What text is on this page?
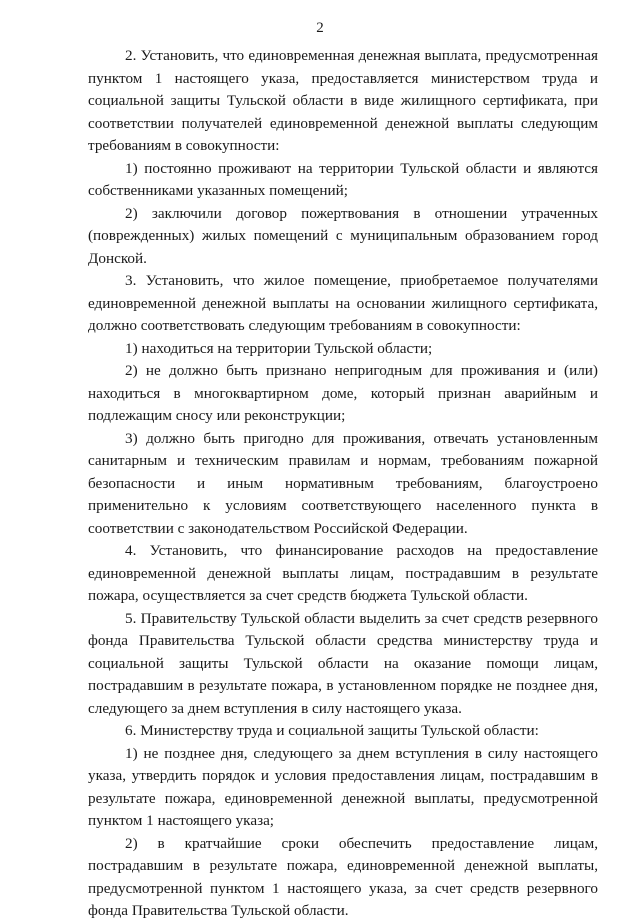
2

2. Установить, что единовременная денежная выплата, предусмотренная пунктом 1 настоящего указа, предоставляется министерством труда и социальной защиты Тульской области в виде жилищного сертификата, при соответствии получателей единовременной денежной выплаты следующим требованиям в совокупности:

1) постоянно проживают на территории Тульской области и являются собственниками указанных помещений;

2) заключили договор пожертвования в отношении утраченных (поврежденных) жилых помещений с муниципальным образованием город Донской.

3. Установить, что жилое помещение, приобретаемое получателями единовременной денежной выплаты на основании жилищного сертификата, должно соответствовать следующим требованиям в совокупности:

1) находиться на территории Тульской области;

2) не должно быть признано непригодным для проживания и (или) находиться в многоквартирном доме, который признан аварийным и подлежащим сносу или реконструкции;

3) должно быть пригодно для проживания, отвечать установленным санитарным и техническим правилам и нормам, требованиям пожарной безопасности и иным нормативным требованиям, благоустроено применительно к условиям соответствующего населенного пункта в соответствии с законодательством Российской Федерации.

4. Установить, что финансирование расходов на предоставление единовременной денежной выплаты лицам, пострадавшим в результате пожара, осуществляется за счет средств бюджета Тульской области.

5. Правительству Тульской области выделить за счет средств резервного фонда Правительства Тульской области средства министерству труда и социальной защиты Тульской области на оказание помощи лицам, пострадавшим в результате пожара, в установленном порядке не позднее дня, следующего за днем вступления в силу настоящего указа.

6. Министерству труда и социальной защиты Тульской области:

1) не позднее дня, следующего за днем вступления в силу настоящего указа, утвердить порядок и условия предоставления лицам, пострадавшим в результате пожара, единовременной денежной выплаты, предусмотренной пунктом 1 настоящего указа;

2) в кратчайшие сроки обеспечить предоставление лицам, пострадавшим в результате пожара, единовременной денежной выплаты, предусмотренной пунктом 1 настоящего указа, за счет средств резервного фонда Правительства Тульской области.
